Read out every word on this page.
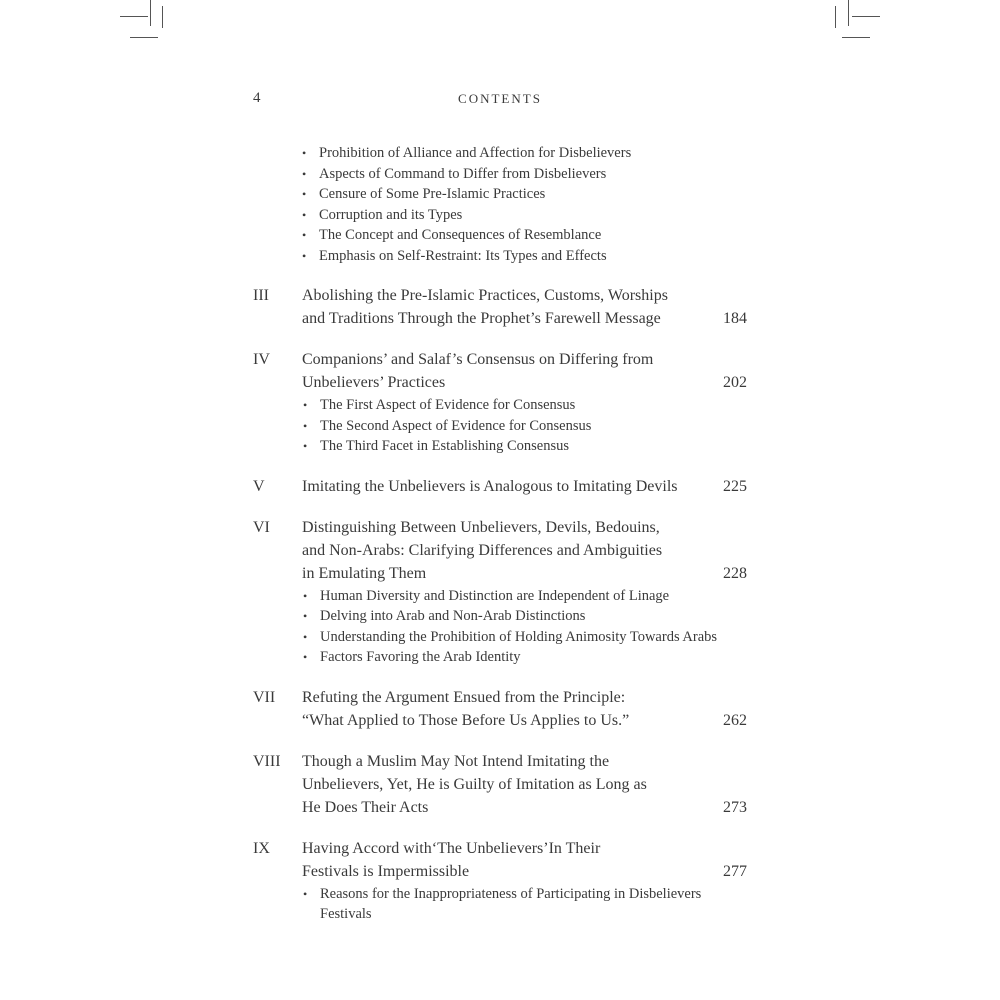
4	CONTENTS
• Prohibition of Alliance and Affection for Disbelievers
• Aspects of Command to Differ from Disbelievers
• Censure of Some Pre-Islamic Practices
• Corruption and its Types
• The Concept and Consequences of Resemblance
• Emphasis on Self-Restraint: Its Types and Effects
III Abolishing the Pre-Islamic Practices, Customs, Worships
and Traditions Through the Prophet’s Farewell Message	184
IV Companions’ and Salaf’s Consensus on Differing from
Unbelievers’ Practices	202
• The First Aspect of Evidence for Consensus
• The Second Aspect of Evidence for Consensus
• The Third Facet in Establishing Consensus
V Imitating the Unbelievers is Analogous to Imitating Devils	225
VI Distinguishing Between Unbelievers, Devils, Bedouins,
and Non-Arabs: Clarifying Differences and Ambiguities
in Emulating Them	228
• Human Diversity and Distinction are Independent of Linage
• Delving into Arab and Non-Arab Distinctions
• Understanding the Prohibition of Holding Animosity Towards Arabs
• Factors Favoring the Arab Identity
VII Refuting the Argument Ensued from the Principle:
“What Applied to Those Before Us Applies to Us.”	262
VIII Though a Muslim May Not Intend Imitating the
Unbelievers, Yet, He is Guilty of Imitation as Long as
He Does Their Acts	273
IX Having Accord with‘The Unbelievers’In Their
Festivals is Impermissible	277
• Reasons for the Inappropriateness of Participating in Disbelievers Festivals
